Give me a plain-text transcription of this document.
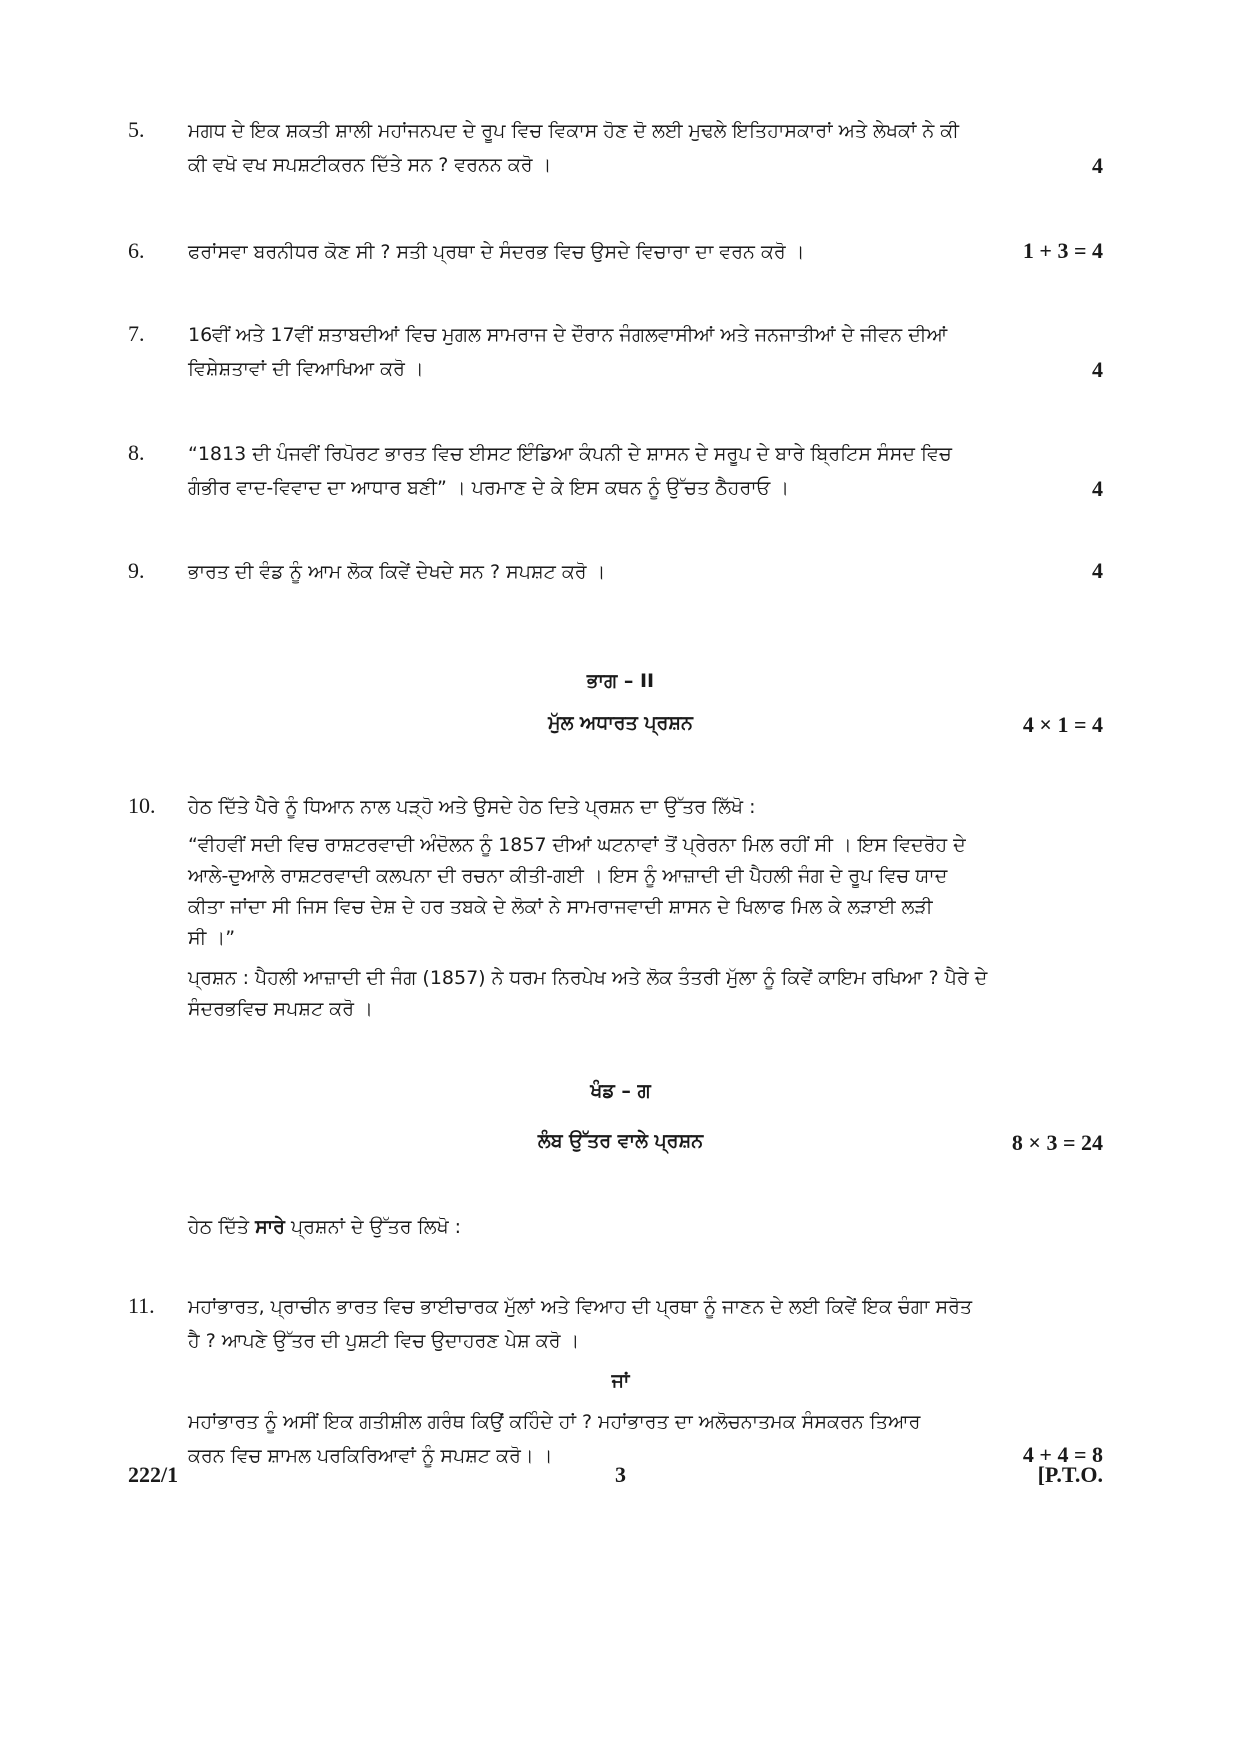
5. ਮਗਧ ਦੇ ਇਕ ਸ਼ਕਤੀ ਸ਼ਾਲੀ ਮਹਾਂਜਨਪਦ ਦੇ ਰੂਪ ਵਿਚ ਵਿਕਾਸ ਹੋਣ ਦੋ ਲਈ ਮੁਢਲੇ ਇਤਿਹਾਸਕਾਰਾਂ ਅਤੇ ਲੇਖਕਾਂ ਨੇ ਕੀ
ਕੀ ਵਖੋ ਵਖ ਸਪਸ਼ਟੀਕਰਨ ਦਿੱਤੇ ਸਨ ? ਵਰਨਨ ਕਰੋ ।	4
6. ਫਰਾਂਸਵਾ ਬਰਨੀਧਰ ਕੋਣ ਸੀ ? ਸਤੀ ਪ੍ਰਥਾ ਦੇ ਸੰਦਰਭ ਵਿਚ ਉਸਦੇ ਵਿਚਾਰਾ ਦਾ ਵਰਨ ਕਰੋ ।	1 + 3 = 4
7. 16ਵੀਂ ਅਤੇ 17ਵੀਂ ਸ਼ਤਾਬਦੀਆਂ ਵਿਚ ਮੁਗਲ ਸਾਮਰਾਜ ਦੇ ਦੌਰਾਨ ਜੰਗਲਵਾਸੀਆਂ ਅਤੇ ਜਨਜਾਤੀਆਂ ਦੇ ਜੀਵਨ ਦੀਆਂ
ਵਿਸ਼ੇਸ਼ਤਾਵਾਂ ਦੀ ਵਿਆਖਿਆ ਕਰੋ ।	4
8. “1813 ਦੀ ਪੰਜਵੀਂ ਰਿਪੋਰਟ ਭਾਰਤ ਵਿਚ ਈਸਟ ਇੰਡਿਆ ਕੰਪਨੀ ਦੇ ਸ਼ਾਸਨ ਦੇ ਸਰੂਪ ਦੇ ਬਾਰੇ ਬ੍ਰਿਟਿਸ ਸੰਸਦ ਵਿਚ
ਗੰਭੀਰ ਵਾਦ-ਵਿਵਾਦ ਦਾ ਆਧਾਰ ਬਣੀ” । ਪਰਮਾਣ ਦੇ ਕੇ ਇਸ ਕਥਨ ਨੂੰ ਉੱਚਤ ਠੈਹਰਾਓ ।	4
9. ਭਾਰਤ ਦੀ ਵੰਡ ਨੂੰ ਆਮ ਲੋਕ ਕਿਵੇਂ ਦੇਖਦੇ ਸਨ ? ਸਪਸ਼ਟ ਕਰੋ ।	4
ਭਾਗ – II
ਮੁੱਲ ਅਧਾਰਤ ਪ੍ਰਸ਼ਨ	4 × 1 = 4
10. ਹੇਠ ਦਿੱਤੇ ਪੈਰੇ ਨੂੰ ਧਿਆਨ ਨਾਲ ਪੜ੍ਹੋ ਅਤੇ ਉਸਦੇ ਹੇਠ ਦਿਤੇ ਪ੍ਰਸ਼ਨ ਦਾ ਉੱਤਰ ਲਿੱਖੋ :
“ਵੀਹਵੀਂ ਸਦੀ ਵਿਚ ਰਾਸ਼ਟਰਵਾਦੀ ਅੰਦੋਲਨ ਨੂੰ 1857 ਦੀਆਂ ਘਟਨਾਵਾਂ ਤੋਂ ਪ੍ਰੇਰਨਾ ਮਿਲ ਰਹੀਂ ਸੀ । ਇਸ ਵਿਦਰੋਹ ਦੇ
ਆਲੇ-ਦੁਆਲੇ ਰਾਸ਼ਟਰਵਾਦੀ ਕਲਪਨਾ ਦੀ ਰਚਨਾ ਕੀਤੀ-ਗਈ । ਇਸ ਨੂੰ ਆਜ਼ਾਦੀ ਦੀ ਪੈਹਲੀ ਜੰਗ ਦੇ ਰੂਪ ਵਿਚ ਯਾਦ
ਕੀਤਾ ਜਾਂਦਾ ਸੀ ਜਿਸ ਵਿਚ ਦੇਸ਼ ਦੇ ਹਰ ਤਬਕੇ ਦੇ ਲੋਕਾਂ ਨੇ ਸਾਮਰਾਜਵਾਦੀ ਸ਼ਾਸਨ ਦੇ ਖਿਲਾਫ ਮਿਲ ਕੇ ਲੜਾਈ ਲੜੀ
ਸੀ ।”
ਪ੍ਰਸ਼ਨ : ਪੈਹਲੀ ਆਜ਼ਾਦੀ ਦੀ ਜੰਗ (1857) ਨੇ ਧਰਮ ਨਿਰਪੇਖ ਅਤੇ ਲੋਕ ਤੰਤਰੀ ਮੁੱਲਾ ਨੂੰ ਕਿਵੇਂ ਕਾਇਮ ਰਖਿਆ ? ਪੈਰੇ ਦੇ
ਸੰਦਰਭਵਿਚ ਸਪਸ਼ਟ ਕਰੋ ।
ਖੰਡ – ਗ
ਲੰਬ ਉੱਤਰ ਵਾਲੇ ਪ੍ਰਸ਼ਨ	8 × 3 = 24
ਹੇਠ ਦਿੱਤੇ ਸਾਰੇ ਪ੍ਰਸ਼ਨਾਂ ਦੇ ਉੱਤਰ ਲਿਖੋ :
11. ਮਹਾਂਭਾਰਤ, ਪ੍ਰਾਚੀਨ ਭਾਰਤ ਵਿਚ ਭਾਈਚਾਰਕ ਮੁੱਲਾਂ ਅਤੇ ਵਿਆਹ ਦੀ ਪ੍ਰਥਾ ਨੂੰ ਜਾਣਨ ਦੇ ਲਈ ਕਿਵੇਂ ਇਕ ਚੰਗਾ ਸਰੋਤ
ਹੈ ? ਆਪਣੇ ਉੱਤਰ ਦੀ ਪੁਸ਼ਟੀ ਵਿਚ ਉਦਾਹਰਣ ਪੇਸ਼ ਕਰੋ ।
ਜਾਂ
ਮਹਾਂਭਾਰਤ ਨੂੰ ਅਸੀਂ ਇਕ ਗਤੀਸ਼ੀਲ ਗਰੰਥ ਕਿਉਂ ਕਹਿੰਦੇ ਹਾਂ ? ਮਹਾਂਭਾਰਤ ਦਾ ਅਲੋਚਨਾਤਮਕ ਸੰਸਕਰਨ ਤਿਆਰ
ਕਰਨ ਵਿਚ ਸ਼ਾਮਲ ਪਰਕਿਰਿਆਵਾਂ ਨੂੰ ਸਪਸ਼ਟ ਕਰੋ। ।	4 + 4 = 8
222/1	3	[P.T.O.
